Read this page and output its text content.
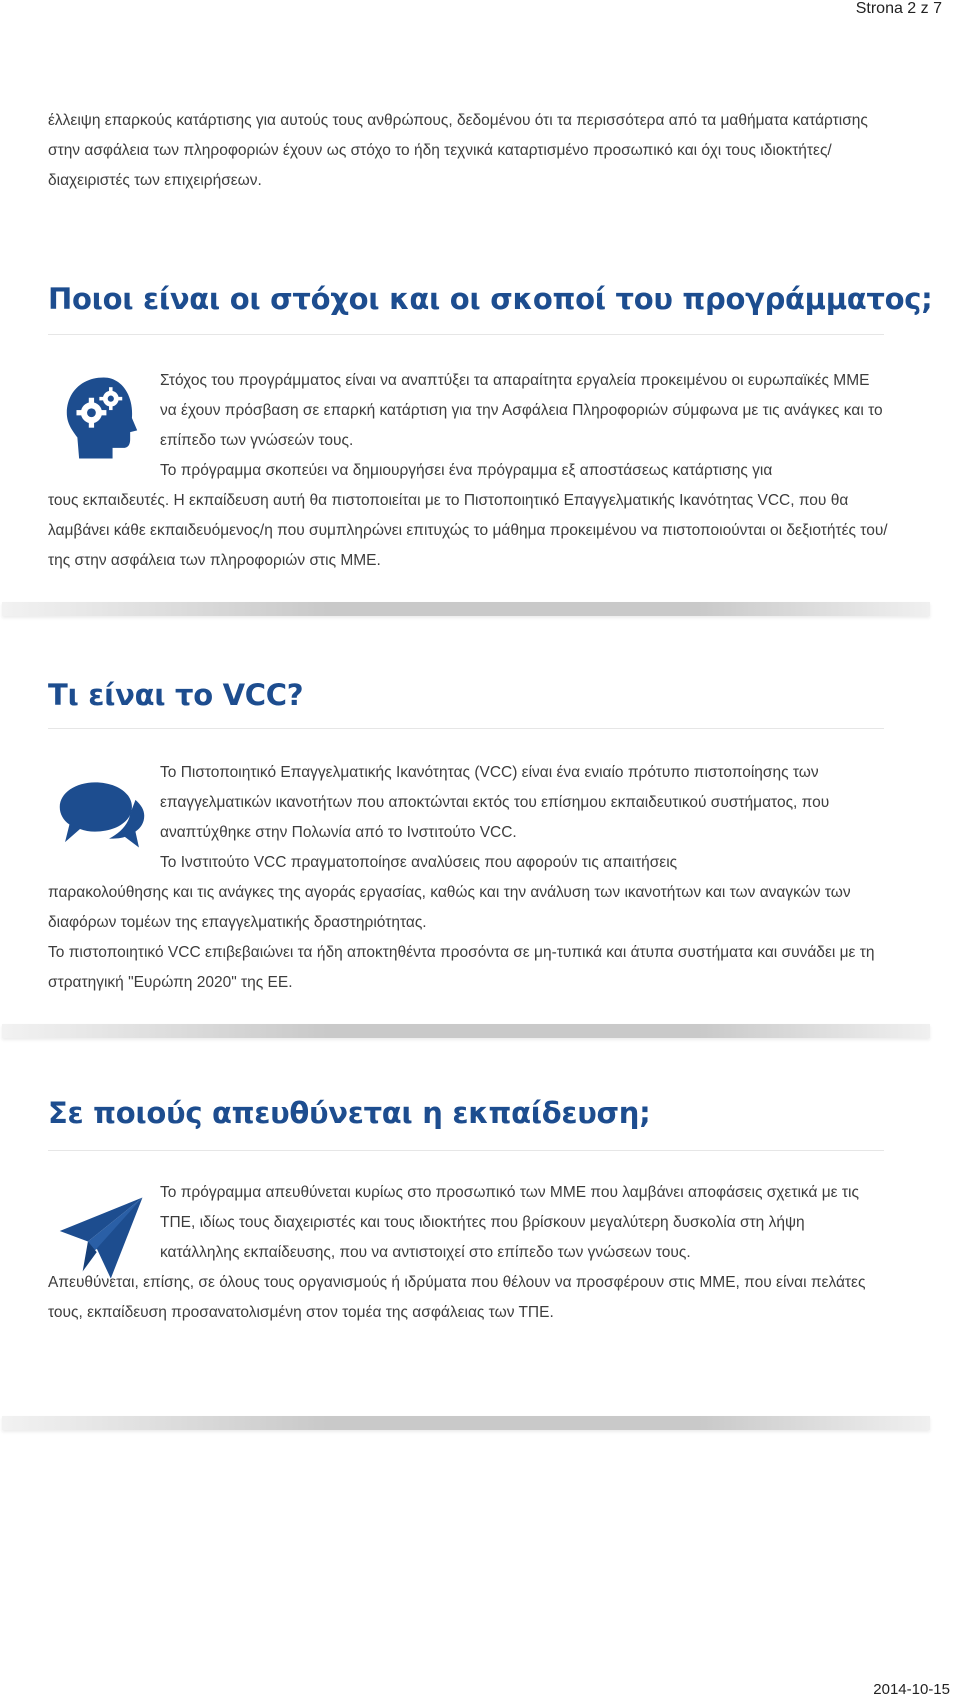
Strona 2 z 7

έλλειψη επαρκούς κατάρτισης για αυτούς τους ανθρώπους, δεδομένου ότι τα περισσότερα από τα μαθήματα κατάρτισης στην ασφάλεια των πληροφοριών έχουν ως στόχο το ήδη τεχνικά καταρτισμένο προσωπικό και όχι τους ιδιοκτήτες/ διαχειριστές των επιχειρήσεων.

Ποιοι είναι οι στόχοι και οι σκοποί του προγράμματος;
Στόχος του προγράμματος είναι να αναπτύξει τα απαραίτητα εργαλεία προκειμένου οι ευρωπαϊκές ΜΜΕ να έχουν πρόσβαση σε επαρκή κατάρτιση για την Ασφάλεια Πληροφοριών σύμφωνα με τις ανάγκες και το επίπεδο των γνώσεών τους.
Το πρόγραμμα σκοπεύει να δημιουργήσει ένα πρόγραμμα εξ αποστάσεως κατάρτισης για
τους εκπαιδευτές. Η εκπαίδευση αυτή θα πιστοποιείται με το Πιστοποιητικό Επαγγελματικής Ικανότητας VCC, που θα λαμβάνει κάθε εκπαιδευόμενος/η που συμπληρώνει επιτυχώς το μάθημα προκειμένου να πιστοποιούνται οι δεξιοτήτές του/της στην ασφάλεια των πληροφοριών στις ΜΜΕ.
Τι είναι το VCC?
Το Πιστοποιητικό Επαγγελματικής Ικανότητας (VCC) είναι ένα ενιαίο πρότυπο πιστοποίησης των επαγγελματικών ικανοτήτων που αποκτώνται εκτός του επίσημου εκπαιδευτικού συστήματος, που αναπτύχθηκε στην Πολωνία από το Ινστιτούτο VCC.
Το Ινστιτούτο VCC πραγματοποίησε αναλύσεις που αφορούν τις απαιτήσεις
παρακολούθησης και τις ανάγκες της αγοράς εργασίας, καθώς και την ανάλυση των ικανοτήτων και των αναγκών των διαφόρων τομέων της επαγγελματικής δραστηριότητας.
Το πιστοποιητικό VCC επιβεβαιώνει τα ήδη αποκτηθέντα προσόντα σε μη-τυπικά και άτυπα συστήματα και συνάδει με τη στρατηγική "Ευρώπη 2020" της ΕΕ.
Σε ποιούς απευθύνεται η εκπαίδευση;
Το πρόγραμμα απευθύνεται κυρίως στο προσωπικό των ΜΜΕ που λαμβάνει αποφάσεις σχετικά με τις ΤΠΕ, ιδίως τους διαχειριστές και τους ιδιοκτήτες που βρίσκουν μεγαλύτερη δυσκολία στη λήψη κατάλληλης εκπαίδευσης, που να αντιστοιχεί στο επίπεδο των γνώσεων τους.
Απευθύνεται, επίσης, σε όλους τους οργανισμούς ή ιδρύματα που θέλουν να προσφέρουν στις ΜΜΕ, που είναι πελάτες τους, εκπαίδευση προσανατολισμένη στον τομέα της ασφάλειας των ΤΠΕ.
2014-10-15
